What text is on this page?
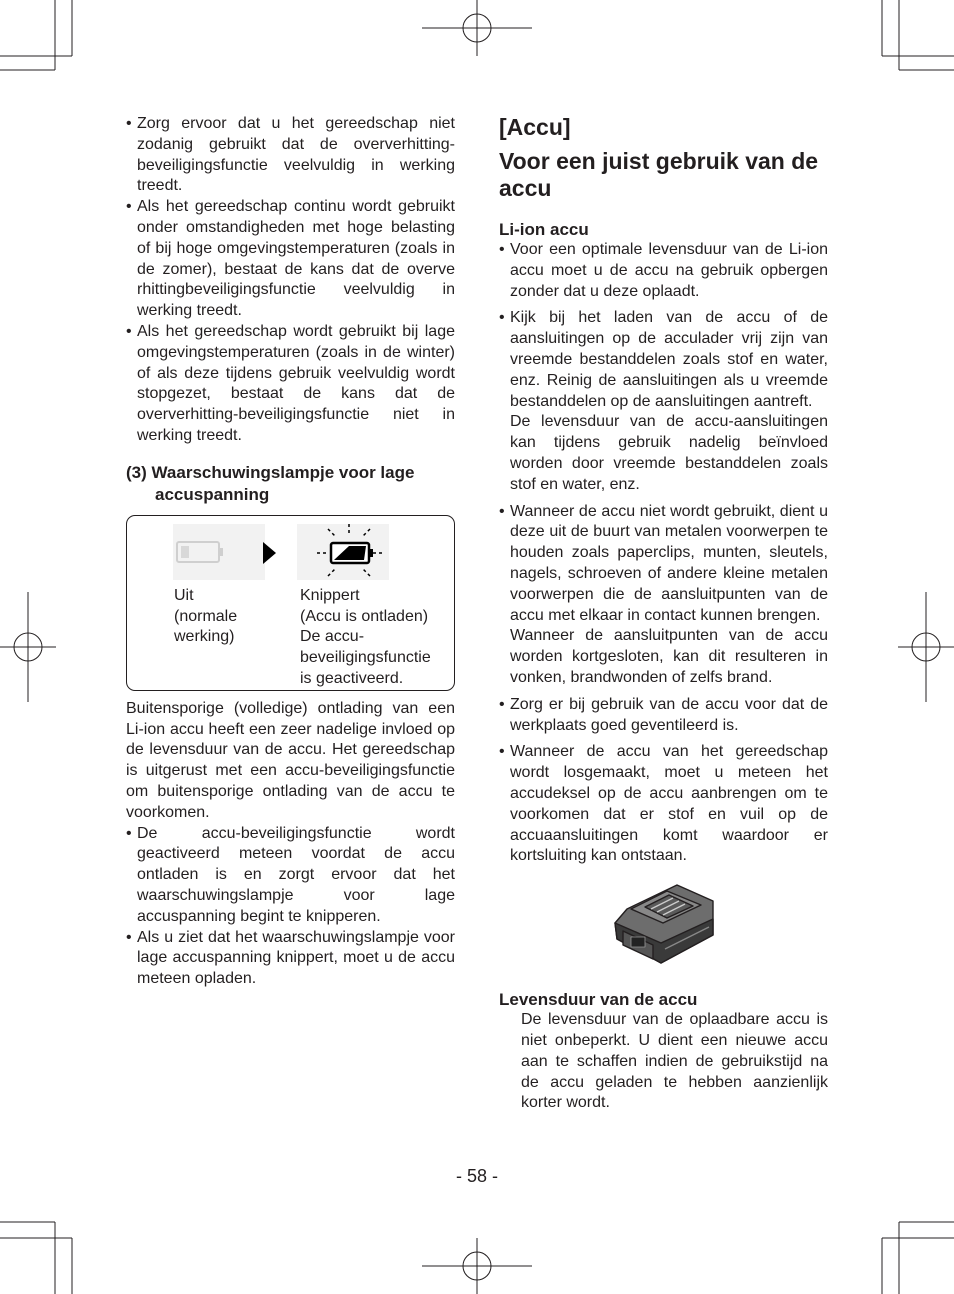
• Zorg ervoor dat u het gereedschap niet zodanig gebruikt dat de oververhitting-beveiligingsfunctie veelvuldig in werking treedt.
• Als het gereedschap continu wordt gebruikt onder omstandigheden met hoge belasting of bij hoge omgevingstemperaturen (zoals in de zomer), bestaat de kans dat de overve rhittingbeveiligingsfunctie veelvuldig in werking treedt.
• Als het gereedschap wordt gebruikt bij lage omgevingstemperaturen (zoals in de winter) of als deze tijdens gebruik veelvuldig wordt stopgezet, bestaat de kans dat de oververhitting-beveiligingsfunctie niet in werking treedt.
(3) Waarschuwingslampje voor lage accuspanning
Uit
(normale
werking)
Knippert
(Accu is ontladen)
De accu-
beveiligingsfunctie
is geactiveerd.
Buitensporige (volledige) ontlading van een Li-ion accu heeft een zeer nadelige invloed op de levensduur van de accu. Het gereedschap is uitgerust met een accu-beveiligingsfunctie om buitensporige ontlading van de accu te voorkomen.
• De accu-beveiligingsfunctie wordt geactiveerd meteen voordat de accu ontladen is en zorgt ervoor dat het waarschuwingslampje voor lage accuspanning begint te knipperen.
• Als u ziet dat het waarschuwingslampje voor lage accuspanning knippert, moet u de accu meteen opladen.
[Accu]
Voor een juist gebruik van de accu
Li-ion accu
• Voor een optimale levensduur van de Li-ion accu moet u de accu na gebruik opbergen zonder dat u deze oplaadt.
• Kijk bij het laden van de accu of de aansluitingen op de acculader vrij zijn van vreemde bestanddelen zoals stof en water, enz. Reinig de aansluitingen als u vreemde bestanddelen op de aansluitingen aantreft.
De levensduur van de accu-aansluitingen kan tijdens gebruik nadelig beïnvloed worden door vreemde bestanddelen zoals stof en water, enz.
• Wanneer de accu niet wordt gebruikt, dient u deze uit de buurt van metalen voorwerpen te houden zoals paperclips, munten, sleutels, nagels, schroeven of andere kleine metalen voorwerpen die de aansluitpunten van de accu met elkaar in contact kunnen brengen.
Wanneer de aansluitpunten van de accu worden kortgesloten, kan dit resulteren in vonken, brandwonden of zelfs brand.
• Zorg er bij gebruik van de accu voor dat de werkplaats goed geventileerd is.
• Wanneer de accu van het gereedschap wordt losgemaakt, moet u meteen het accudeksel op de accu aanbrengen om te voorkomen dat er stof en vuil op de accuaansluitingen komt waardoor er kortsluiting kan ontstaan.
Levensduur van de accu
De levensduur van de oplaadbare accu is niet onbeperkt. U dient een nieuwe accu aan te schaffen indien de gebruikstijd na de accu geladen te hebben aanzienlijk korter wordt.
- 58 -
